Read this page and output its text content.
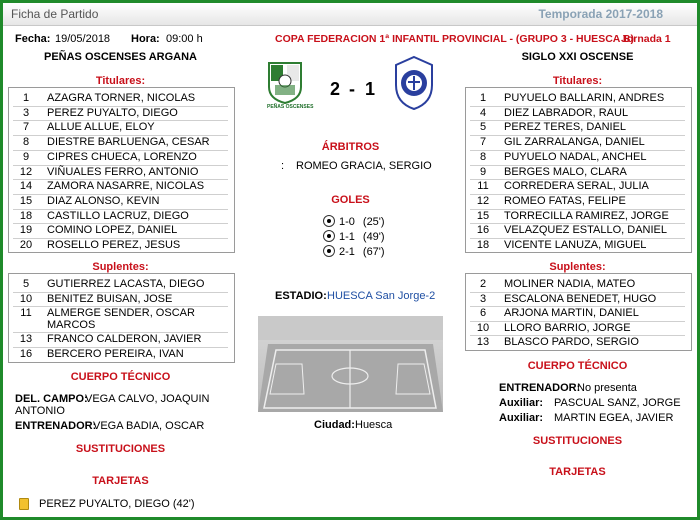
Ficha de Partido	Temporada 2017-2018
Fecha: 19/05/2018 Hora: 09:00 h	COPA FEDERACION 1ª INFANTIL PROVINCIAL - (GRUPO 3 - HUESCA B)
Jornada 1
PEÑAS OSCENSES ARGANA	SIGLO XXI OSCENSE
PEÑAS OSCENSES
2 - 1
Titulares:
1	AZAGRA TORNER, NICOLAS
3	PEREZ PUYALTO, DIEGO
7	ALLUE ALLUE, ELOY
8	DIESTRE BARLUENGA, CESAR
9	CIPRES CHUECA, LORENZO
12	VIÑUALES FERRO, ANTONIO
14	ZAMORA NASARRE, NICOLAS
15	DIAZ ALONSO, KEVIN
18	CASTILLO LACRUZ, DIEGO
19	COMINO LOPEZ, DANIEL
20	ROSELLO PEREZ, JESUS
Titulares:
1	PUYUELO BALLARIN, ANDRES
4	DIEZ LABRADOR, RAUL
5	PEREZ TERES, DANIEL
7	GIL ZARRALANGA, DANIEL
8	PUYUELO NADAL, ANCHEL
9	BERGES MALO, CLARA
11	CORREDERA SERAL, JULIA
12	ROMEO FATAS, FELIPE
15	TORRECILLA RAMIREZ, JORGE
16	VELAZQUEZ ESTALLO, DANIEL
18	VICENTE LANUZA, MIGUEL
ÁRBITROS
: ROMEO GRACIA, SERGIO
GOLES
1-0 (25')
1-1 (49')
2-1 (67')
Suplentes:
5	GUTIERREZ LACASTA, DIEGO
10	BENITEZ BUISAN, JOSE
11	ALMERGE SENDER, OSCAR MARCOS
13	FRANCO CALDERON, JAVIER
16	BERCERO PEREIRA, IVAN
Suplentes:
2	MOLINER NADIA, MATEO
3	ESCALONA BENEDET, HUGO
6	ARJONA MARTIN, DANIEL
10	LLORO BARRIO, JORGE
13	BLASCO PARDO, SERGIO
ESTADIO: HUESCA San Jorge-2
Ciudad: Huesca
CUERPO TÉCNICO
DEL. CAMPO:
VEGA CALVO, JOAQUIN ANTONIO
ENTRENADOR:
VEGA BADIA, OSCAR
SUSTITUCIONES
TARJETAS
PEREZ PUYALTO, DIEGO (42')
CUERPO TÉCNICO
ENTRENADOR:
No presenta
Auxiliar: PASCUAL SANZ, JORGE
Auxiliar: MARTIN EGEA, JAVIER
SUSTITUCIONES
TARJETAS
